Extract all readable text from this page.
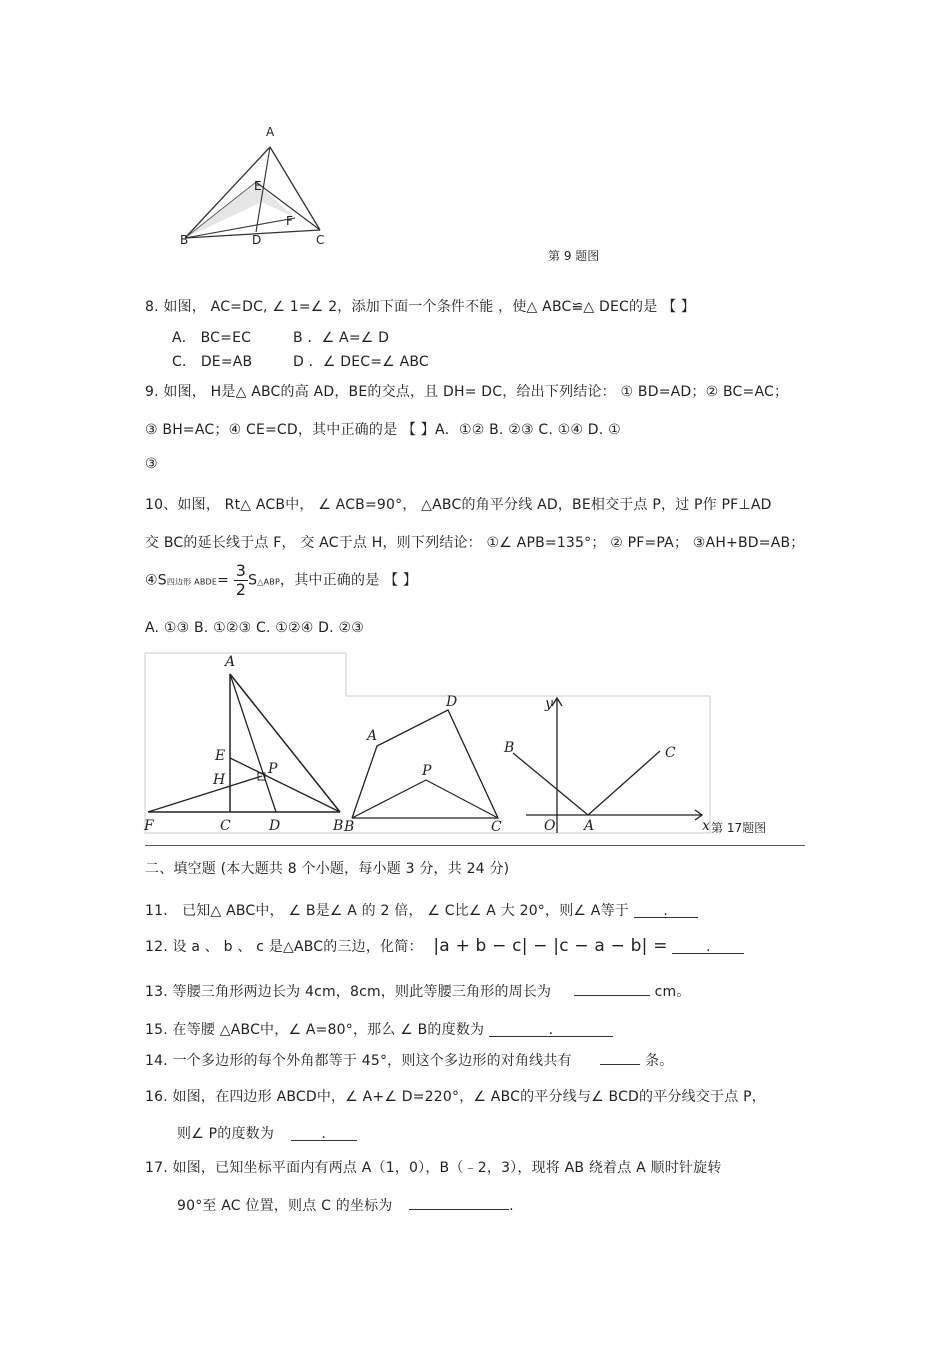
A
E
F
B	D	C
第 9 题图
8. 如图， AC=DC, ∠ 1=∠ 2，添加下面一个条件不能 ，使△ ABC≌△ DEC的是 【 】
A． BC=EC	B ．∠ A=∠ D
C． DE=AB	D ．∠ DEC=∠ ABC
9. 如图， H是△ ABC的高 AD，BE的交点，且 DH= DC，给出下列结论： ① BD=AD；② BC=AC；
③ BH=AC；④ CE=CD，其中正确的是 【 】A．①② B. ②③ C. ①④ D. ①
③
10、如图， Rt△ ACB中， ∠ ACB=90°， △ABC的角平分线 AD，BE相交于点 P，过 P作 PF⊥AD
交 BC的延长线于点 F， 交 AC于点 H，则下列结论： ①∠ APB=135°； ② PF=PA； ③AH+BD=AB；
④S四边形 ABDE= $\frac{3}{2}$ S△ABP，其中正确的是 【 】
A. ①③ B. ①②③ C. ①②④ D. ②③
A
E
H
P
F	C	D	B
A
D
P
B	C
y
B	C
O A	x 第 17题图
二、填空题 (本大题共 8 个小题，每小题 3 分，共 24 分)
11． 已知△ ABC中， ∠ B是∠ A 的 2 倍， ∠ C比∠ A 大 20°，则∠ A等于 .
12. 设 a 、 b 、 c 是△ABC的三边，化简： |a + b − c| − |c − a − b| =	.
13. 等腰三角形两边长为 4cm，8cm，则此等腰三角形的周长为	cm。
15. 在等腰 △ABC中，∠ A=80°，那么 ∠ B的度数为	.
14. 一个多边形的每个外角都等于 45°，则这个多边形的对角线共有	条。
16. 如图，在四边形 ABCD中，∠ A+∠ D=220°，∠ ABC的平分线与∠ BCD的平分线交于点 P，
则∠ P的度数为	.
17. 如图，已知坐标平面内有两点 A（1，0），B（﹣2，3），现将 AB 绕着点 A 顺时针旋转
90°至 AC 位置，则点 C 的坐标为	.
